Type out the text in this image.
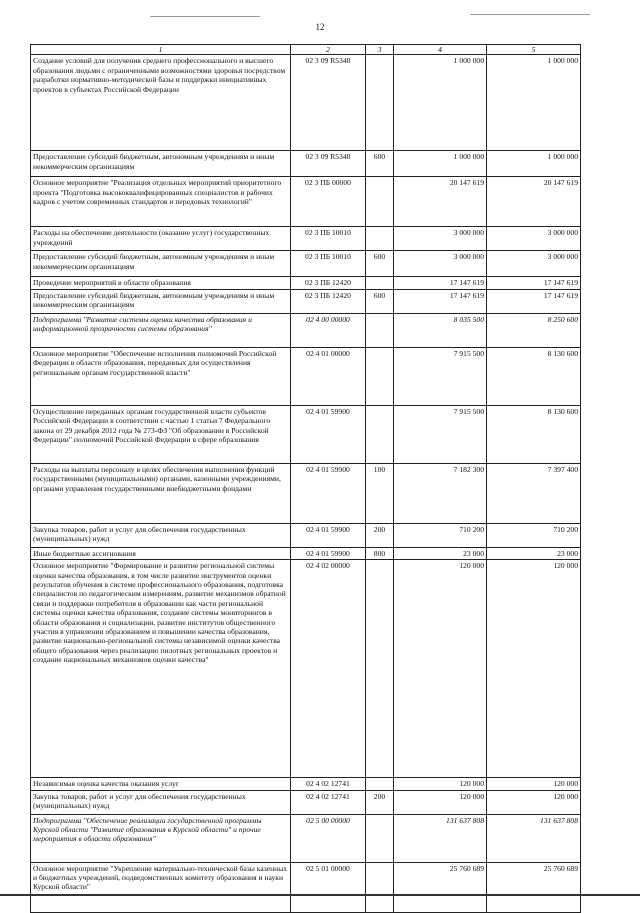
12
1	2	3	4	5
Создание условий для получения среднего профессионального и высшего образования людьми с ограниченными возможностями здоровья посредством разработки нормативно-методической базы и поддержки инициативных проектов в субъектах Российской Федерации	02 3 09 R5340		1 000 000	1 000 000
Предоставление субсидий бюджетным, автономным учреждениям и иным некоммерческим организациям	02 3 09 R5340	600	1 000 000	1 000 000
Основное мероприятие "Реализация отдельных мероприятий приоритетного проекта "Подготовка высококвалифицированных специалистов и рабочих кадров с учетом современных стандартов и передовых технологий"	02 3 ПБ 00000		20 147 619	20 147 619
Расходы на обеспечение деятельности (оказание услуг) государственных учреждений	02 3 ПБ 10010		3 000 000	3 000 000
Предоставление субсидий бюджетным, автономным учреждениям и иным некоммерческим организациям	02 3 ПБ 10010	600	3 000 000	3 000 000
Проведение мероприятий в области образования	02 3 ПБ 12420		17 147 619	17 147 619
Предоставление субсидий бюджетным, автономным учреждениям и иным некоммерческим организациям	02 3 ПБ 12420	600	17 147 619	17 147 619
Подпрограмма "Развитие системы оценки качества образования и информационной прозрачности системы образования"	02 4 00 00000		8 035 500	8 250 600
Основное мероприятие "Обеспечение исполнения полномочий Российской Федерации в области образования, переданных для осуществления региональным органам государственной власти"	02 4 01 00000		7 915 500	8 130 600
Осуществление переданных органам государственной власти субъектов Российской Федерации в соответствии с частью 1 статьи 7 Федерального закона от 29 декабря 2012 года № 273-ФЗ "Об образовании в Российской Федерации" полномочий Российской Федерации в сфере образования	02 4 01 59900		7 915 500	8 130 600
Расходы на выплаты персоналу в целях обеспечения выполнения функций государственными (муниципальными) органами, казенными учреждениями, органами управления государственными внебюджетными фондами	02 4 01 59900	100	7 182 300	7 397 400
Закупка товаров, работ и услуг для обеспечения государственных (муниципальных) нужд	02 4 01 59900	200	710 200	710 200
Иные бюджетные ассигнования	02 4 01 59900	800	23 000	23 000
Основное мероприятие "Формирование и развитие региональной системы оценки качества образования, в том числе развитие инструментов оценки результатов обучения в системе профессионального образования, подготовка специалистов по педагогическим измерениям, развитие механизмов обратной связи и поддержки потребителя в образовании как части региональной системы оценки качества образования, создание системы мониторингов в области образования и социализации, развитие институтов общественного участия в управлении образованием и повышении качества образования, развитие национально-региональной системы независимой оценки качества общего образования через реализацию пилотных региональных проектов и создание национальных механизмов оценки качества"	02 4 02 00000		120 000	120 000
Независимая оценка качества оказания услуг	02 4 02 12741		120 000	120 000
Закупка товаров, работ и услуг для обеспечения государственных (муниципальных) нужд	02 4 02 12741	200	120 000	120 000
Подпрограмма "Обеспечение реализации государственной программы Курской области "Развитие образования в Курской области" и прочие мероприятия в области образования"	02 5 00 00000		131 637 808	131 637 808
Основное мероприятие "Укрепление материально-технической базы казенных и бюджетных учреждений, подведомственных комитету образования и науки Курской области"	02 5 01 00000		25 760 689	25 760 689
